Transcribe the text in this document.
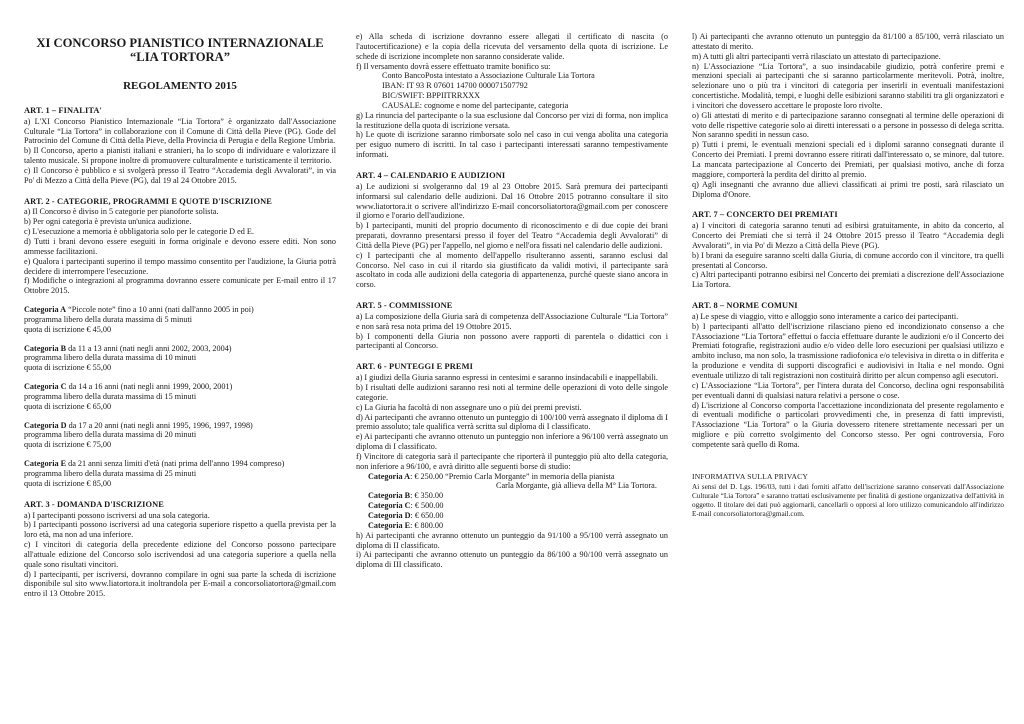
XI CONCORSO PIANISTICO INTERNAZIONALE
“LIA TORTORA”
REGOLAMENTO 2015
ART. 1 – FINALITA'

a) L'XI Concorso Pianistico Internazionale “Lia Tortora” è organizzato dall'Associazione Culturale “Lia Tortora” in collaborazione con il Comune di Città della Pieve (PG). Gode del Patrocinio del Comune di Città della Pieve, della Provincia di Perugia e della Regione Umbria.

b) Il Concorso, aperto a pianisti italiani e stranieri, ha lo scopo di individuare e valorizzare il talento musicale. Si propone inoltre di promuovere culturalmente e turisticamente il territorio.

c) Il Concorso è pubblico e si svolgerà presso il Teatro “Accademia degli Avvalorati”, in via Po' di Mezzo a Città della Pieve (PG), dal 19 al 24 Ottobre 2015.

ART. 2 - CATEGORIE, PROGRAMMI E QUOTE D'ISCRIZIONE

a) Il Concorso è diviso in 5 categorie per pianoforte solista.

b) Per ogni categoria è prevista un'unica audizione.

c) L'esecuzione a memoria è obbligatoria solo per le categorie D ed E.

d) Tutti i brani devono essere eseguiti in forma originale e devono essere editi. Non sono ammesse facilitazioni.

e) Qualora i partecipanti superino il tempo massimo consentito per l'audizione, la Giuria potrà decidere di interrompere l'esecuzione.

f) Modifiche o integrazioni al programma dovranno essere comunicate per E-mail entro il 17 Ottobre 2015.

Categoria A “Piccole note” fino a 10 anni (nati dall'anno 2005 in poi)
programma libero della durata massima di 5 minuti
quota di iscrizione € 45,00
Categoria B da 11 a 13 anni (nati negli anni 2002, 2003, 2004)
programma libero della durata massima di 10 minuti
quota di iscrizione € 55,00
Categoria C da 14 a 16 anni (nati negli anni 1999, 2000, 2001)
programma libero della durata massima di 15 minuti
quota di iscrizione € 65,00
Categoria D da 17 a 20 anni (nati negli anni 1995, 1996, 1997, 1998)
programma libero della durata massima di 20 minuti
quota di iscrizione € 75,00
Categoria E da 21 anni senza limiti d'età (nati prima dell'anno 1994 compreso)
programma libero della durata massima di 25 minuti
quota di iscrizione € 85,00
ART. 3 - DOMANDA D'ISCRIZIONE

a) I partecipanti possono iscriversi ad una sola categoria.

b) I partecipanti possono iscriversi ad una categoria superiore rispetto a quella prevista per la loro età, ma non ad una inferiore.

c) I vincitori di categoria della precedente edizione del Concorso possono partecipare all'attuale edizione del Concorso solo iscrivendosi ad una categoria superiore a quella nella quale sono risultati vincitori.

d) I partecipanti, per iscriversi, dovranno compilare in ogni sua parte la scheda di iscrizione disponibile sul sito www.liatortora.it inoltrandola per E-mail a concorsoliatortora@gmail.com entro il 13 Ottobre 2015.

e) Alla scheda di iscrizione dovranno essere allegati il certificato di nascita (o l'autocertificazione) e la copia della ricevuta del versamento della quota di iscrizione. Le schede di iscrizione incomplete non saranno considerate valide.

f) Il versamento dovrà essere effettuato tramite bonifico su:

Conto BancoPosta intestato a Associazione Culturale Lia Tortora
IBAN: IT 93 R 07601 14700 000071507792
BIC/SWIFT: BPPIITRRXXX
CAUSALE: cognome e nome del partecipante, categoria

g) La rinuncia del partecipante o la sua esclusione dal Concorso per vizi di forma, non implica la restituzione della quota di iscrizione versata.

h) Le quote di iscrizione saranno rimborsate solo nel caso in cui venga abolita una categoria per esiguo numero di iscritti. In tal caso i partecipanti interessati saranno tempestivamente informati.

ART. 4 – CALENDARIO E AUDIZIONI

a) Le audizioni si svolgeranno dal 19 al 23 Ottobre 2015. Sarà premura dei partecipanti informarsi sul calendario delle audizioni. Dal 16 Ottobre 2015 potranno consultare il sito www.liatortora.it o scrivere all'indirizzo E-mail concorsoliatortora@gmail.com per conoscere il giorno e l'orario dell'audizione.

b) I partecipanti, muniti del proprio documento di riconoscimento e di due copie dei brani preparati, dovranno presentarsi presso il foyer del Teatro “Accademia degli Avvalorati” di Città della Pieve (PG) per l'appello, nel giorno e nell'ora fissati nel calendario delle audizioni.

c) I partecipanti che al momento dell'appello risulteranno assenti, saranno esclusi dal Concorso. Nel caso in cui il ritardo sia giustificato da validi motivi, il partecipante sarà ascoltato in coda alle audizioni della categoria di appartenenza, purché queste siano ancora in corso.

ART. 5 - COMMISSIONE

a) La composizione della Giuria sarà di competenza dell'Associazione Culturale “Lia Tortora” e non sarà resa nota prima del 19 Ottobre 2015.

b) I componenti della Giuria non possono avere rapporti di parentela o didattici con i partecipanti al Concorso.

ART. 6 - PUNTEGGI E PREMI

a) I giudizi della Giuria saranno espressi in centesimi e saranno insindacabili e inappellabili.

b) I risultati delle audizioni saranno resi noti al termine delle operazioni di voto delle singole categorie.

c) La Giuria ha facoltà di non assegnare uno o più dei premi previsti.

d) Ai partecipanti che avranno ottenuto un punteggio di 100/100 verrà assegnato il diploma di I premio assoluto; tale qualifica verrà scritta sul diploma di I classificato.

e) Ai partecipanti che avranno ottenuto un punteggio non inferiore a 96/100 verrà assegnato un diploma di I classificato.

f) Vincitore di categoria sarà il partecipante che riporterà il punteggio più alto della categoria, non inferiore a 96/100, e avrà diritto alle seguenti borse di studio:

Categoria A: € 250.00 “Premio Carla Morgante” in memoria della pianista
Carla Morgante, già allieva della M° Lia Tortora.
Categoria B: € 350.00
Categoria C: € 500.00
Categoria D: € 650.00
Categoria E: € 800.00

h) Ai partecipanti che avranno ottenuto un punteggio da 91/100 a 95/100 verrà assegnato un diploma di II classificato.

i) Ai partecipanti che avranno ottenuto un punteggio da 86/100 a 90/100 verrà assegnato un diploma di III classificato.

l) Ai partecipanti che avranno ottenuto un punteggio da 81/100 a 85/100, verrà rilasciato un attestato di merito.

m) A tutti gli altri partecipanti verrà rilasciato un attestato di partecipazione.

n) L'Associazione “Lia Tortora”, a suo insindacabile giudizio, potrà conferire premi e menzioni speciali ai partecipanti che si saranno particolarmente meritevoli. Potrà, inoltre, selezionare uno o più tra i vincitori di categoria per inserirli in eventuali manifestazioni concertistiche. Modalità, tempi, e luoghi delle esibizioni saranno stabiliti tra gli organizzatori e i vincitori che dovessero accettare le proposte loro rivolte.

o) Gli attestati di merito e di partecipazione saranno consegnati al termine delle operazioni di voto delle rispettive categorie solo ai diretti interessati o a persone in possesso di delega scritta. Non saranno spediti in nessun caso.

p) Tutti i premi, le eventuali menzioni speciali ed i diplomi saranno consegnati durante il Concerto dei Premiati. I premi dovranno essere ritirati dall'interessato o, se minore, dal tutore. La mancata partecipazione al Concerto dei Premiati, per qualsiasi motivo, anche di forza maggiore, comporterà la perdita del diritto al premio.

q) Agli insegnanti che avranno due allievi classificati ai primi tre posti, sarà rilasciato un Diploma d'Onore.

ART. 7 – CONCERTO DEI PREMIATI

a) I vincitori di categoria saranno tenuti ad esibirsi gratuitamente, in abito da concerto, al Concerto dei Premiati che si terrà il 24 Ottobre 2015 presso il Teatro “Accademia degli Avvalorati”, in via Po' di Mezzo a Città della Pieve (PG).

b) I brani da eseguire saranno scelti dalla Giuria, di comune accordo con il vincitore, tra quelli presentati al Concorso.

c) Altri partecipanti potranno esibirsi nel Concerto dei premiati a discrezione dell'Associazione Lia Tortora.

ART. 8 – NORME COMUNI

a) Le spese di viaggio, vitto e alloggio sono interamente a carico dei partecipanti.

b) I partecipanti all'atto dell'iscrizione rilasciano pieno ed incondizionato consenso a che l'Associazione “Lia Tortora” effettui o faccia effettuare durante le audizioni e/o il Concerto dei Premiati fotografie, registrazioni audio e/o video delle loro esecuzioni per qualsiasi utilizzo e ambito incluso, ma non solo, la trasmissione radiofonica e/o televisiva in diretta o in differita e la produzione e vendita di supporti discografici e audiovisivi in Italia e nel mondo. Ogni eventuale utilizzo di tali registrazioni non costituirà diritto per alcun compenso agli esecutori.

c) L'Associazione “Lia Tortora”, per l'intera durata del Concorso, declina ogni responsabilità per eventuali danni di qualsiasi natura relativi a persone o cose.

d) L'iscrizione al Concorso comporta l'accettazione incondizionata del presente regolamento e di eventuali modifiche o particolari provvedimenti che, in presenza di fatti imprevisti, l'Associazione “Lia Tortora” o la Giuria dovessero ritenere strettamente necessari per un migliore e più corretto svolgimento del Concorso stesso. Per ogni controversia, Foro competente sarà quello di Roma.

INFORMATIVA SULLA PRIVACY

Ai sensi del D. Lgs. 196/03, tutti i dati forniti all'atto dell'iscrizione saranno conservati dall'Associazione Culturale “Lia Tortora” e saranno trattati esclusivamente per finalità di gestione organizzativa dell'attività in oggetto. Il titolare dei dati può aggiornarli, cancellarli o opporsi al loro utilizzo comunicandolo all'indirizzo E-mail concorsoliatortora@gmail.com.
